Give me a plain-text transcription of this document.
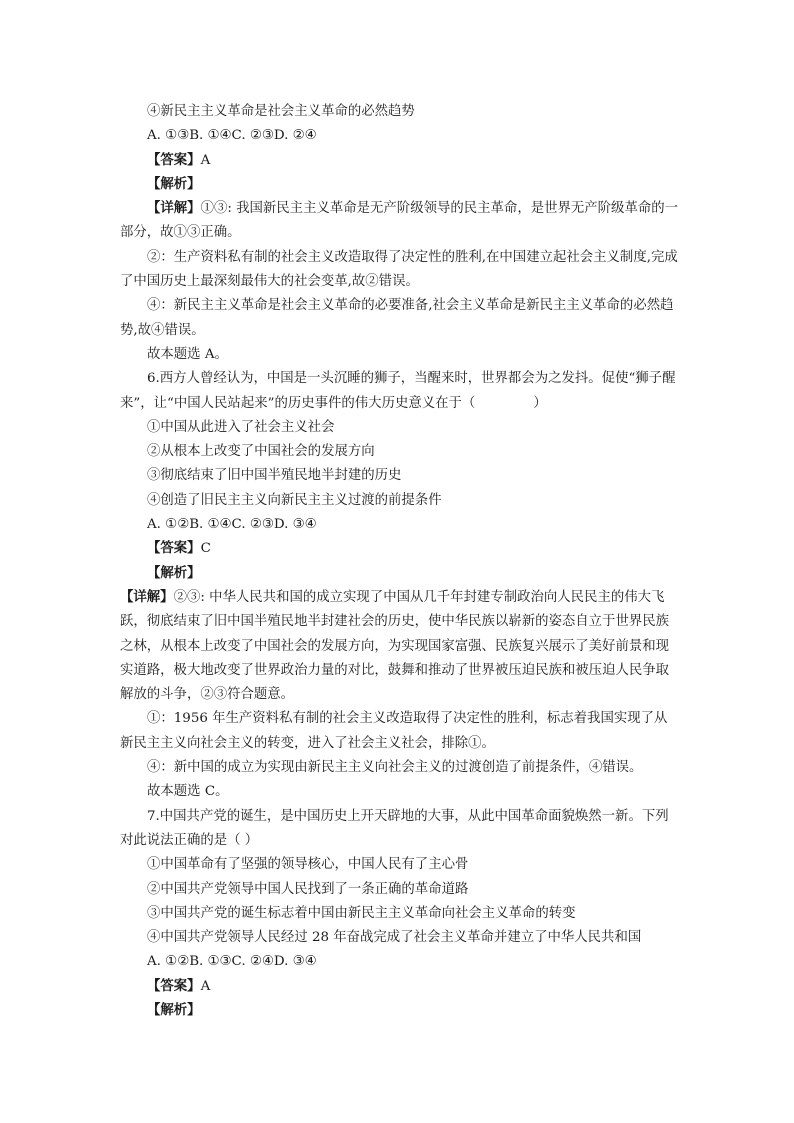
④新民主主义革命是社会主义革命的必然趋势

A. ①③B. ①④C. ②③D. ②④

【答案】A

【解析】

【详解】①③: 我国新民主主义革命是无产阶级领导的民主革命，是世界无产阶级革命的一部分，故①③正确。

②：生产资料私有制的社会主义改造取得了决定性的胜利,在中国建立起社会主义制度,完成了中国历史上最深刻最伟大的社会变革,故②错误。

④：新民主主义革命是社会主义革命的必要准备,社会主义革命是新民主主义革命的必然趋势,故④错误。

故本题选 A。

6.西方人曾经认为，中国是一头沉睡的狮子，当醒来时，世界都会为之发抖。促使“狮子醒来”，让“中国人民站起来”的历史事件的伟大历史意义在于（	）

①中国从此进入了社会主义社会

②从根本上改变了中国社会的发展方向

③彻底结束了旧中国半殖民地半封建的历史

④创造了旧民主主义向新民主主义过渡的前提条件

A. ①②B. ①④C. ②③D. ③④

【答案】C

【解析】

【详解】②③: 中华人民共和国的成立实现了中国从几千年封建专制政治向人民民主的伟大飞跃，彻底结束了旧中国半殖民地半封建社会的历史，使中华民族以崭新的姿态自立于世界民族之林，从根本上改变了中国社会的发展方向，为实现国家富强、民族复兴展示了美好前景和现实道路，极大地改变了世界政治力量的对比，鼓舞和推动了世界被压迫民族和被压迫人民争取解放的斗争，②③符合题意。

①：1956 年生产资料私有制的社会主义改造取得了决定性的胜利，标志着我国实现了从新民主主义向社会主义的转变，进入了社会主义社会，排除①。

④：新中国的成立为实现由新民主主义向社会主义的过渡创造了前提条件，④错误。

故本题选 C。

7.中国共产党的诞生，是中国历史上开天辟地的大事，从此中国革命面貌焕然一新。下列对此说法正确的是（ ）

①中国革命有了坚强的领导核心，中国人民有了主心骨

②中国共产党领导中国人民找到了一条正确的革命道路

③中国共产党的诞生标志着中国由新民主主义革命向社会主义革命的转变

④中国共产党领导人民经过 28 年奋战完成了社会主义革命并建立了中华人民共和国

A. ①②B. ①③C. ②④D. ③④

【答案】A

【解析】
